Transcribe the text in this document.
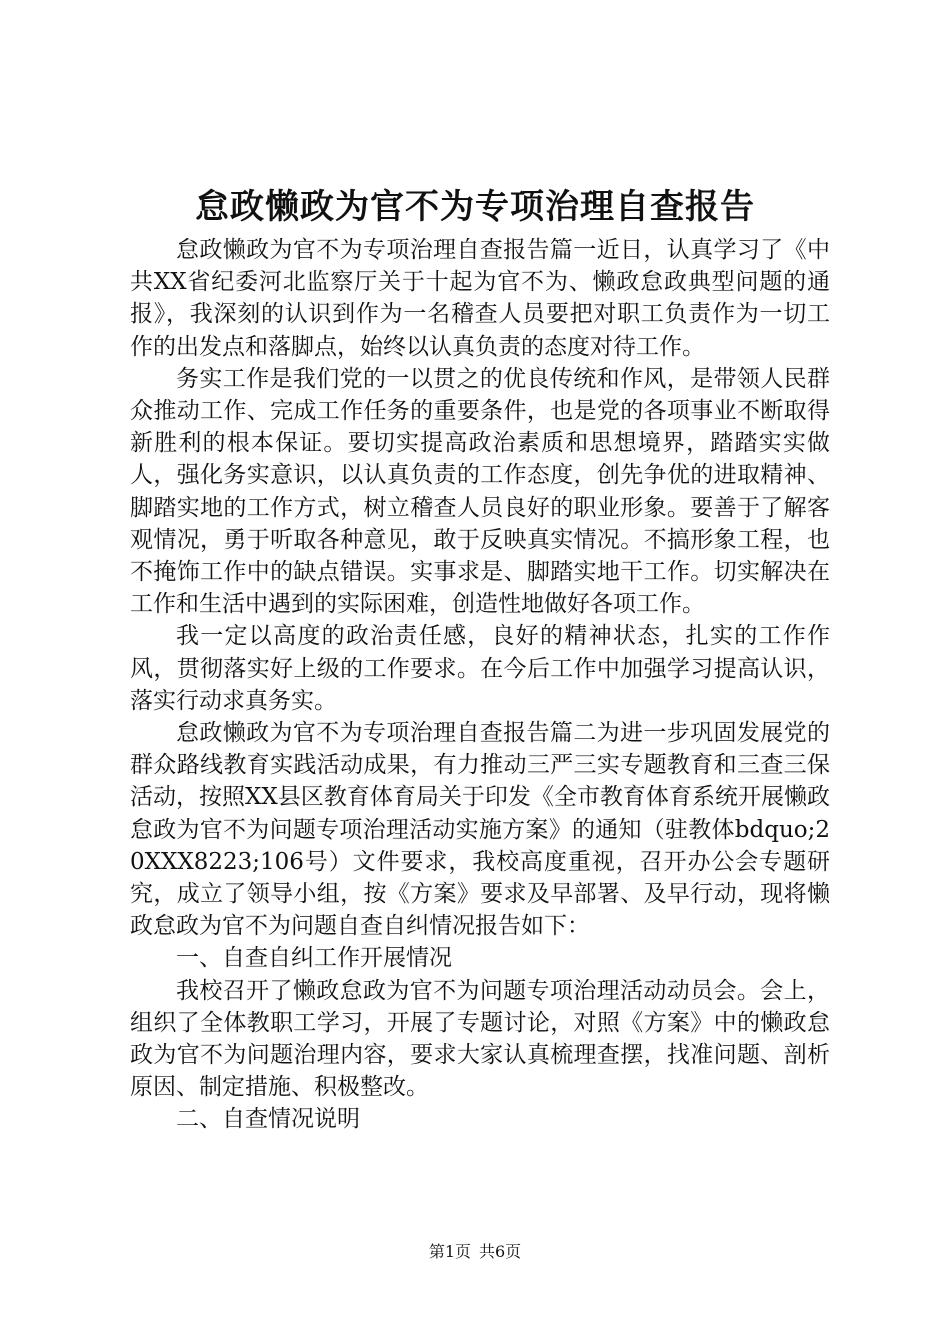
怠政懒政为官不为专项治理自查报告

怠政懒政为官不为专项治理自查报告篇一近日，认真学习了《中共XX省纪委河北监察厅关于十起为官不为、懒政怠政典型问题的通报》，我深刻的认识到作为一名稽查人员要把对职工负责作为一切工作的出发点和落脚点，始终以认真负责的态度对待工作。

务实工作是我们党的一以贯之的优良传统和作风，是带领人民群众推动工作、完成工作任务的重要条件，也是党的各项事业不断取得新胜利的根本保证。要切实提高政治素质和思想境界，踏踏实实做人，强化务实意识，以认真负责的工作态度，创先争优的进取精神、脚踏实地的工作方式，树立稽查人员良好的职业形象。要善于了解客观情况，勇于听取各种意见，敢于反映真实情况。不搞形象工程，也不掩饰工作中的缺点错误。实事求是、脚踏实地干工作。切实解决在工作和生活中遇到的实际困难，创造性地做好各项工作。

我一定以高度的政治责任感，良好的精神状态，扎实的工作作风，贯彻落实好上级的工作要求。在今后工作中加强学习提高认识，落实行动求真务实。

怠政懒政为官不为专项治理自查报告篇二为进一步巩固发展党的群众路线教育实践活动成果，有力推动三严三实专题教育和三查三保活动，按照XX县区教育体育局关于印发《全市教育体育系统开展懒政怠政为官不为问题专项治理活动实施方案》的通知（驻教体bdquo;20XXX8223;106号）文件要求，我校高度重视，召开办公会专题研究，成立了领导小组，按《方案》要求及早部署、及早行动，现将懒政怠政为官不为问题自查自纠情况报告如下：

一、自查自纠工作开展情况

我校召开了懒政怠政为官不为问题专项治理活动动员会。会上，组织了全体教职工学习，开展了专题讨论，对照《方案》中的懒政怠政为官不为问题治理内容，要求大家认真梳理查摆，找准问题、剖析原因、制定措施、积极整改。

二、自查情况说明

第1页 共6页
